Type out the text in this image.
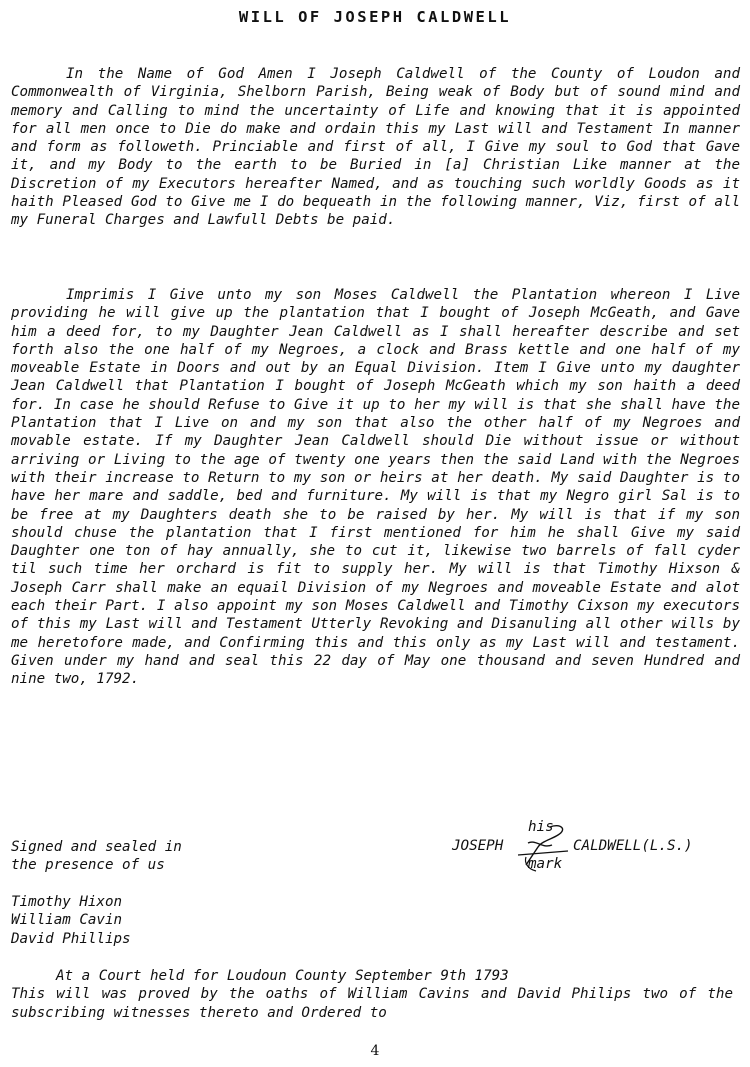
WILL OF JOSEPH CALDWELL

In the Name of God Amen I Joseph Caldwell of the County of Loudon and Commonwealth of Virginia, Shelborn Parish, Being weak of Body but of sound mind and memory and Calling to mind the uncertainty of Life and knowing that it is appointed for all men once to Die do make and ordain this my Last will and Testament In manner and form as followeth. Princiable and first of all, I Give my soul to God that Gave it, and my Body to the earth to be Buried in [a] Christian Like manner at the Discretion of my Executors hereafter Named, and as touching such worldly Goods as it haith Pleased God to Give me I do bequeath in the following manner, Viz, first of all my Funeral Charges and Lawfull Debts be paid.

Imprimis I Give unto my son Moses Caldwell the Plantation whereon I Live providing he will give up the plantation that I bought of Joseph McGeath, and Gave him a deed for, to my Daughter Jean Caldwell as I shall hereafter describe and set forth also the one half of my Negroes, a clock and Brass kettle and one half of my moveable Estate in Doors and out by an Equal Division. Item I Give unto my daughter Jean Caldwell that Plantation I bought of Joseph McGeath which my son haith a deed for. In case he should Refuse to Give it up to her my will is that she shall have the Plantation that I Live on and my son that also the other half of my Negroes and movable estate. If my Daughter Jean Caldwell should Die without issue or without arriving or Living to the age of twenty one years then the said Land with the Negroes with their increase to Return to my son or heirs at her death. My said Daughter is to have her mare and saddle, bed and furniture. My will is that my Negro girl Sal is to be free at my Daughters death she to be raised by her. My will is that if my son should chuse the plantation that I first mentioned for him he shall Give my said Daughter one ton of hay annually, she to cut it, likewise two barrels of fall cyder til such time her orchard is fit to supply her. My will is that Timothy Hixson & Joseph Carr shall make an equail Division of my Negroes and moveable Estate and alot each their Part. I also appoint my son Moses Caldwell and Timothy Cixson my executors of this my Last will and Testament Utterly Revoking and Disanuling all other wills by me heretofore made, and Confirming this and this only as my Last will and testament. Given under my hand and seal this 22 day of May one thousand and seven Hundred and nine two, 1792.

Signed and sealed in
the presence of us
his
JOSEPH	CALDWELL(L.S.)
mark
Timothy Hixon
William Cavin
David Phillips
At a Court held for Loudoun County September 9th 1793
This will was proved by the oaths of William Cavins and David Philips two of the subscribing witnesses thereto and Ordered to
4
